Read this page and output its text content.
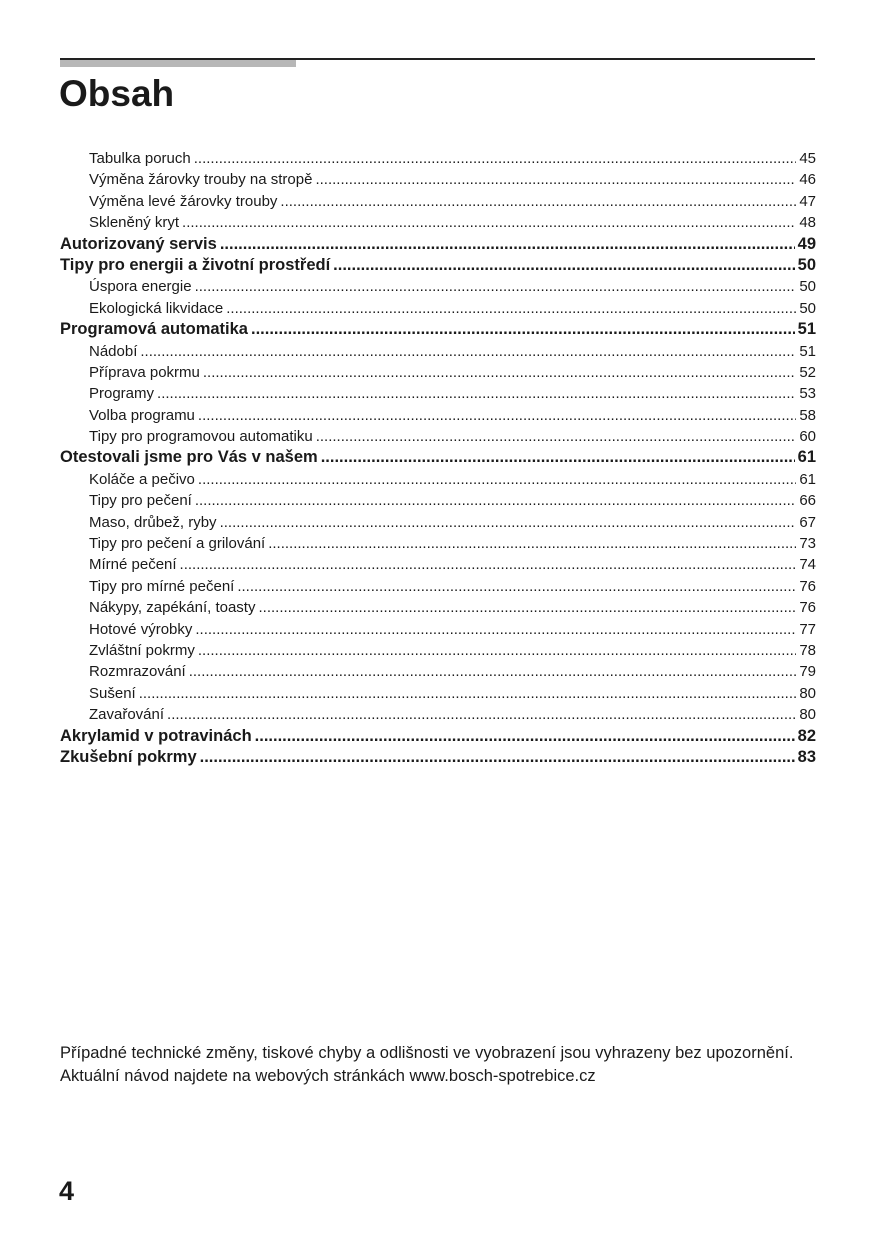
Obsah
Tabulka poruch .....	45
Výměna žárovky trouby na stropě .....	46
Výměna levé žárovky trouby .....	47
Skleněný kryt .....	48
Autorizovaný servis .....	49
Tipy pro energii a životní prostředí .....	50
Úspora energie .....	50
Ekologická likvidace .....	50
Programová automatika .....	51
Nádobí .....	51
Příprava pokrmu .....	52
Programy .....	53
Volba programu .....	58
Tipy pro programovou automatiku .....	60
Otestovali jsme pro Vás v našem .....	61
Koláče a pečivo .....	61
Tipy pro pečení .....	66
Maso, drůbež, ryby .....	67
Tipy pro pečení a grilování .....	73
Mírné pečení .....	74
Tipy pro mírné pečení .....	76
Nákypy, zapékání, toasty .....	76
Hotové výrobky .....	77
Zvláštní pokrmy .....	78
Rozmrazování .....	79
Sušení .....	80
Zavařování .....	80
Akrylamid v potravinách .....	82
Zkušební pokrmy .....	83

Případné technické změny, tiskové chyby a odlišnosti ve vyobrazení jsou vyhrazeny bez upozornění. Aktuální návod najdete na webových stránkách www.bosch-spotrebice.cz

4
